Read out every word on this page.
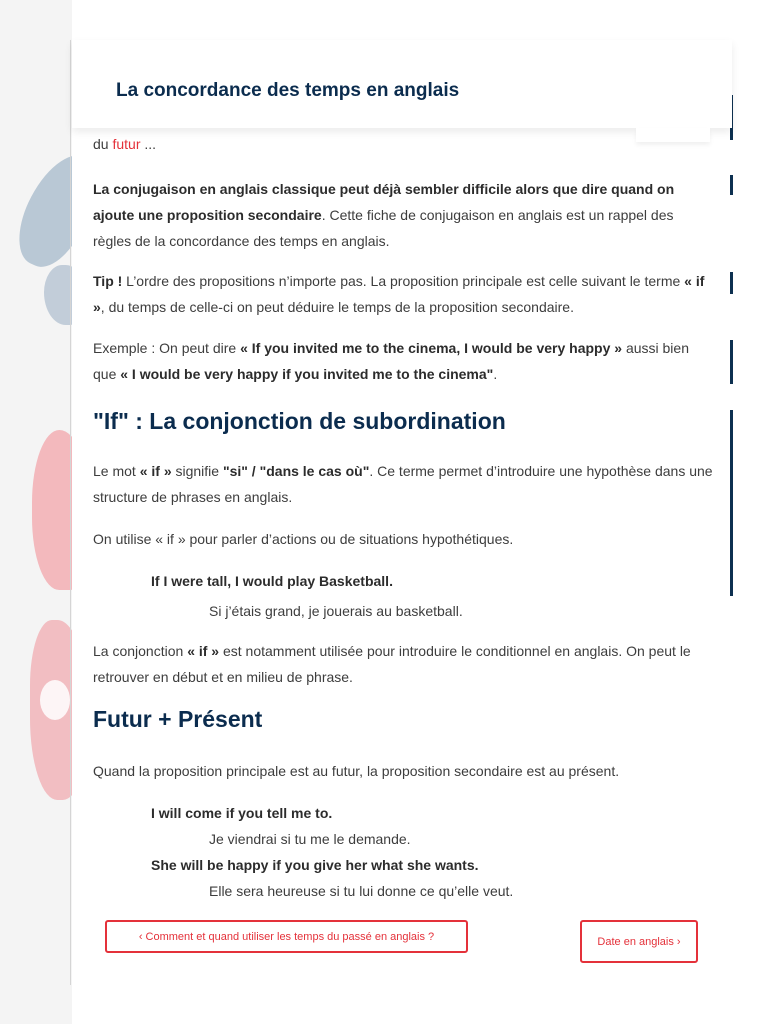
La concordance des temps en anglais

du futur ...

La conjugaison en anglais classique peut déjà sembler difficile alors que dire quand on ajoute une proposition secondaire. Cette fiche de conjugaison en anglais est un rappel des règles de la concordance des temps en anglais.

Tip ! L’ordre des propositions n’importe pas. La proposition principale est celle suivant le terme « if », du temps de celle-ci on peut déduire le temps de la proposition secondaire.

Exemple : On peut dire « If you invited me to the cinema, I would be very happy » aussi bien que « I would be very happy if you invited me to the cinema".

"If" : La conjonction de subordination

Le mot « if » signifie "si" / "dans le cas où". Ce terme permet d’introduire une hypothèse dans une structure de phrases en anglais.

On utilise « if » pour parler d’actions ou de situations hypothétiques.

If I were tall, I would play Basketball.

Si j’étais grand, je jouerais au basketball.

La conjonction « if » est notamment utilisée pour introduire le conditionnel en anglais. On peut le retrouver en début et en milieu de phrase.

Futur + Présent

Quand la proposition principale est au futur, la proposition secondaire est au présent.

I will come if you tell me to.

Je viendrai si tu me le demande.

She will be happy if you give her what she wants.

Elle sera heureuse si tu lui donne ce qu’elle veut.

‹ Comment et quand utiliser les temps du passé en anglais ?	Date en anglais ›
